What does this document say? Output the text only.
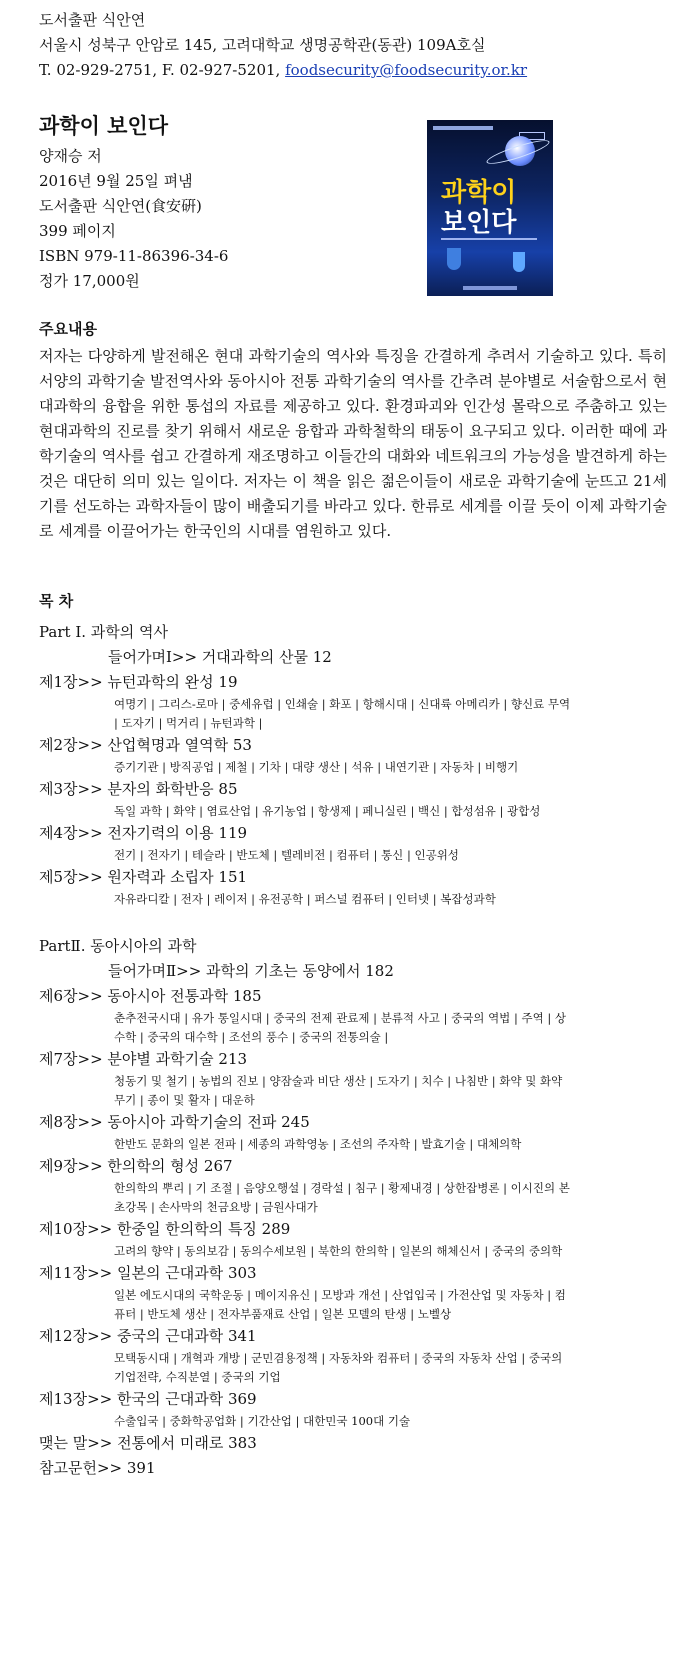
도서출판 식안연
서울시 성북구 안암로 145, 고려대학교 생명공학관(동관) 109A호실
T. 02-929-2751, F. 02-927-5201, foodsecurity@foodsecurity.or.kr
과학이 보인다
양재승 저
2016년 9월 25일 펴냄
도서출판 식안연(食安硏)
399 페이지
ISBN 979-11-86396-34-6
정가 17,000원
과학이
보인다
주요내용
저자는 다양하게 발전해온 현대 과학기술의 역사와 특징을 간결하게 추려서 기술하고 있다. 특히 서양의 과학기술 발전역사와 동아시아 전통 과학기술의 역사를 간추려 분야별로 서술함으로서 현대과학의 융합을 위한 통섭의 자료를 제공하고 있다. 환경파괴와 인간성 몰락으로 주춤하고 있는 현대과학의 진로를 찾기 위해서 새로운 융합과 과학철학의 태동이 요구되고 있다. 이러한 때에 과학기술의 역사를 쉽고 간결하게 재조명하고 이들간의 대화와 네트워크의 가능성을 발견하게 하는 것은 대단히 의미 있는 일이다. 저자는 이 책을 읽은 젊은이들이 새로운 과학기술에 눈뜨고 21세기를 선도하는 과학자들이 많이 배출되기를 바라고 있다. 한류로 세계를 이끌 듯이 이제 과학기술로 세계를 이끌어가는 한국인의 시대를 염원하고 있다.
목 차
Part Ⅰ. 과학의 역사
들어가며Ⅰ>> 거대과학의 산물 12
제1장>> 뉴턴과학의 완성 19
여명기 | 그리스-로마 | 중세유럽 | 인쇄술 | 화포 | 항해시대 | 신대륙 아메리카 | 향신료 무역 | 도자기 | 먹거리 | 뉴턴과학 |
제2장>> 산업혁명과 열역학 53
증기기관 | 방직공업 | 제철 | 기차 | 대량 생산 | 석유 | 내연기관 | 자동차 | 비행기
제3장>> 분자의 화학반응 85
독일 과학 | 화약 | 염료산업 | 유기농업 | 항생제 | 페니실린 | 백신 | 합성섬유 | 광합성
제4장>> 전자기력의 이용 119
전기 | 전자기 | 테슬라 | 반도체 | 텔레비전 | 컴퓨터 | 통신 | 인공위성
제5장>> 원자력과 소립자 151
자유라디칼 | 전자 | 레이저 | 유전공학 | 퍼스널 컴퓨터 | 인터넷 | 복잡성과학
PartⅡ. 동아시아의 과학
들어가며Ⅱ>> 과학의 기초는 동양에서 182
제6장>> 동아시아 전통과학 185
춘추전국시대 | 유가 통일시대 | 중국의 전제 관료제 | 분류적 사고 | 중국의 역법 | 주역 | 상수학 | 중국의 대수학 | 조선의 풍수 | 중국의 전통의술 |
제7장>> 분야별 과학기술 213
청동기 및 철기 | 농법의 진보 | 양잠술과 비단 생산 | 도자기 | 치수 | 나침반 | 화약 및 화약 무기 | 종이 및 활자 | 대운하
제8장>> 동아시아 과학기술의 전파 245
한반도 문화의 일본 전파 | 세종의 과학영농 | 조선의 주자학 | 발효기술 | 대체의학
제9장>> 한의학의 형성 267
한의학의 뿌리 | 기 조절 | 음양오행설 | 경락설 | 침구 | 황제내경 | 상한잡병론 | 이시진의 본초강목 | 손사막의 천금요방 | 금원사대가
제10장>> 한중일 한의학의 특징 289
고려의 향약 | 동의보감 | 동의수세보원 | 북한의 한의학 | 일본의 해체신서 | 중국의 중의학
제11장>> 일본의 근대과학 303
일본 에도시대의 국학운동 | 메이지유신 | 모방과 개선 | 산업입국 | 가전산업 및 자동차 | 컴퓨터 | 반도체 생산 | 전자부품재료 산업 | 일본 모델의 탄생 | 노벨상
제12장>> 중국의 근대과학 341
모택동시대 | 개혁과 개방 | 군민겸용정책 | 자동차와 컴퓨터 | 중국의 자동차 산업 | 중국의 기업전략, 수직분열 | 중국의 기업
제13장>> 한국의 근대과학 369
수출입국 | 중화학공업화 | 기간산업 | 대한민국 100대 기술
맺는 말>> 전통에서 미래로 383
참고문헌>> 391
